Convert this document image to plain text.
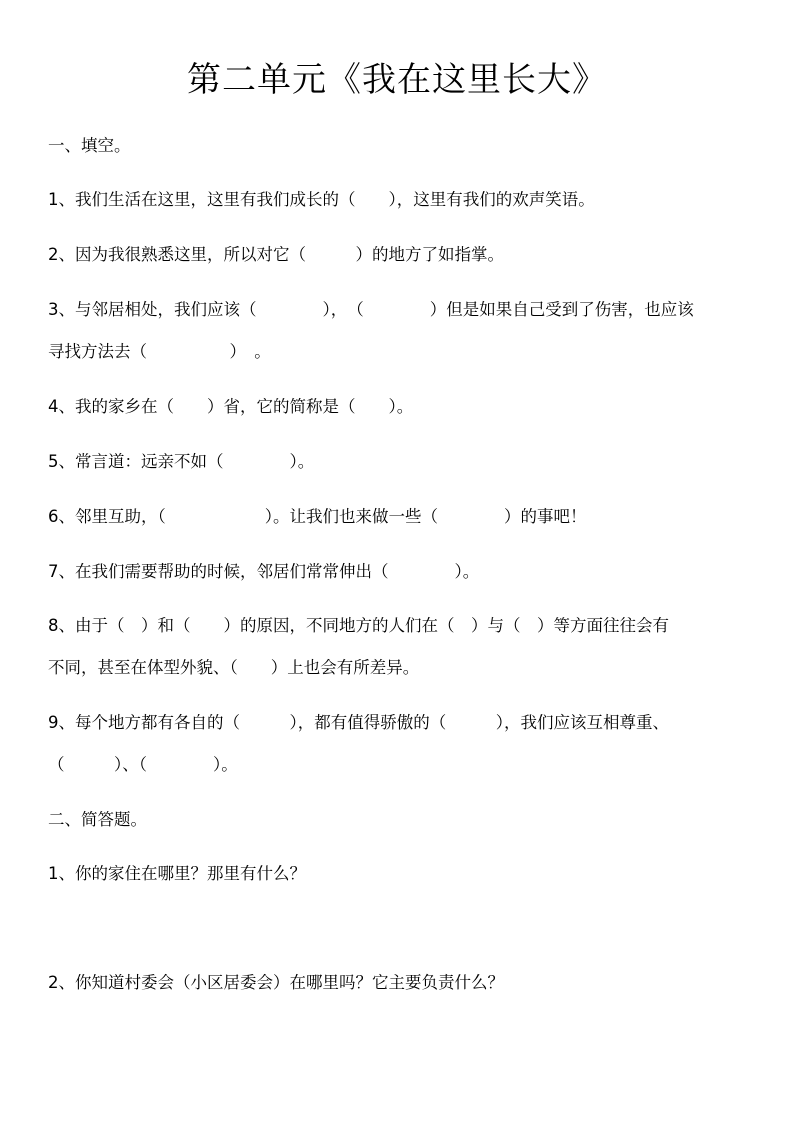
第二单元《我在这里长大》
一、填空。
1、我们生活在这里，这里有我们成长的（　　），这里有我们的欢声笑语。
2、因为我很熟悉这里，所以对它（　　　）的地方了如指掌。
3、与邻居相处，我们应该（　　　　），　（　　　　）但是如果自己受到了伤害，也应该
寻找方法去（　　　　　）　。
4、我的家乡在（　　）省，它的简称是（　　）。
5、常言道：远亲不如（　　　　）。
6、邻里互助，（　　　　　　）。让我们也来做一些（　　　　）的事吧！
7、在我们需要帮助的时候，邻居们常常伸出（　　　　）。
8、由于（　）和（　　）的原因，不同地方的人们在（　）与（　）等方面往往会有
不同，甚至在体型外貌、（　　）上也会有所差异。
9、每个地方都有各自的（　　　），都有值得骄傲的（　　　），我们应该互相尊重、
（　　　）、（　　　　）。
二、简答题。
1、你的家住在哪里？那里有什么？
2、你知道村委会（小区居委会）在哪里吗？它主要负责什么？
